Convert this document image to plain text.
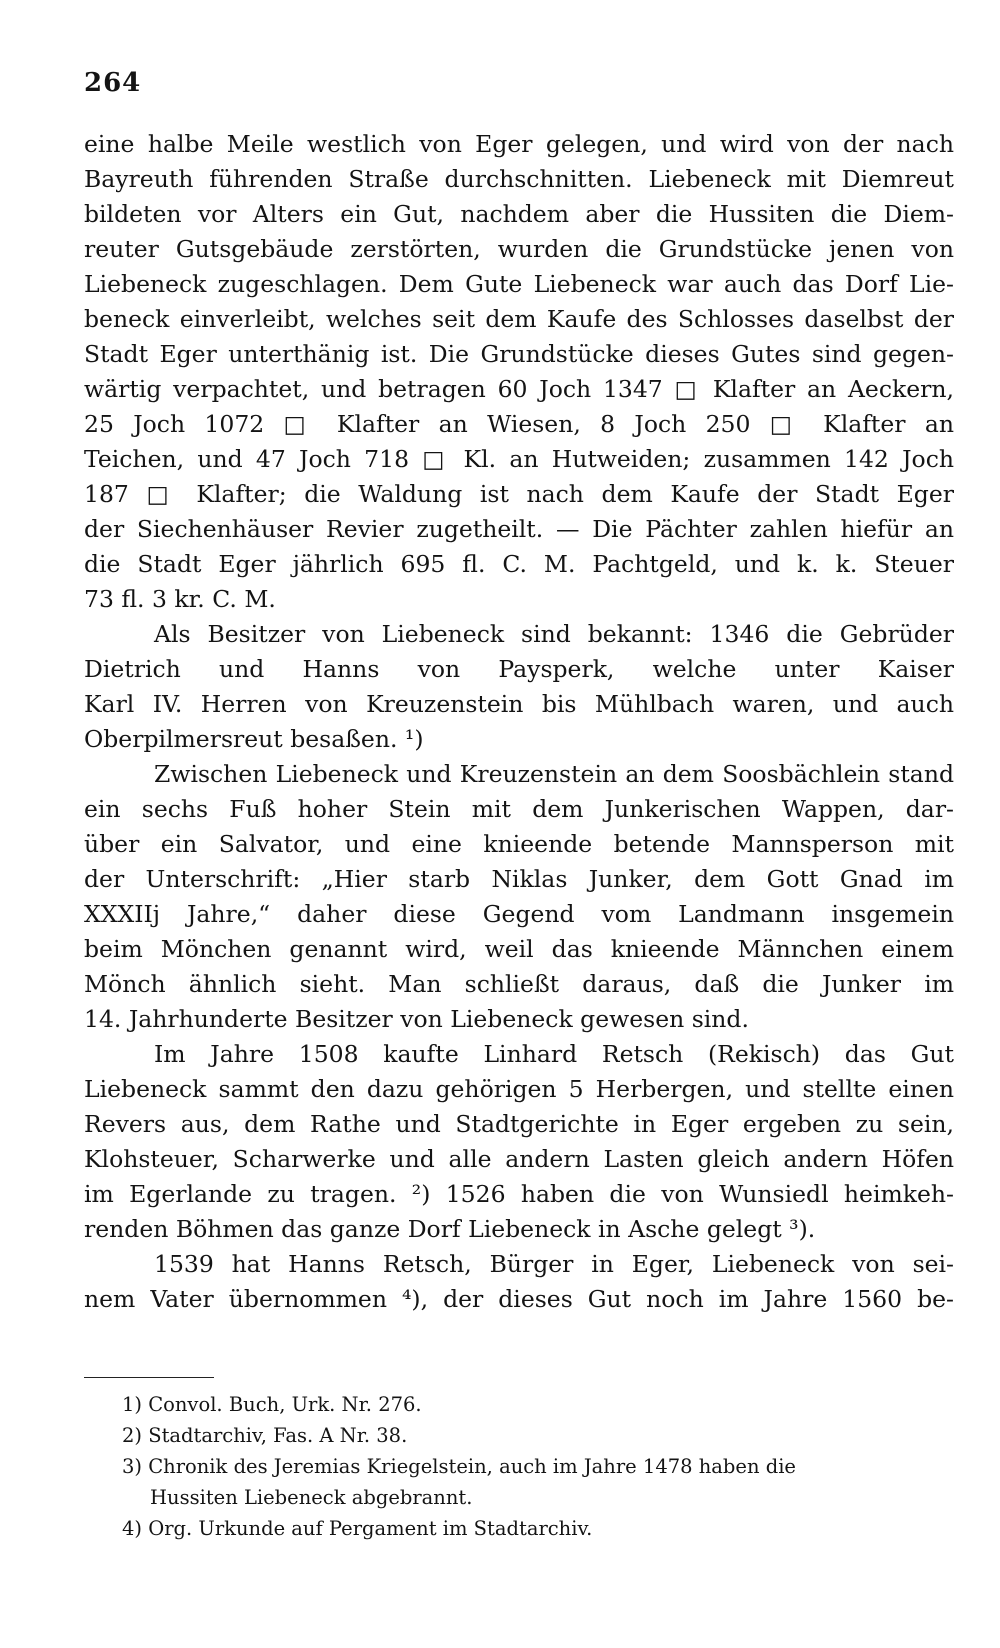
264
eine halbe Meile westlich von Eger gelegen, und wird von der nach
Bayreuth führenden Straße durchschnitten. Liebeneck mit Diemreut
bildeten vor Alters ein Gut, nachdem aber die Hussiten die Diem-
reuter Gutsgebäude zerstörten, wurden die Grundstücke jenen von
Liebeneck zugeschlagen. Dem Gute Liebeneck war auch das Dorf Lie-
beneck einverleibt, welches seit dem Kaufe des Schlosses daselbst der
Stadt Eger unterthänig ist. Die Grundstücke dieses Gutes sind gegen-
wärtig verpachtet, und betragen 60 Joch 1347 □ Klafter an Aeckern,
25 Joch 1072 □ Klafter an Wiesen, 8 Joch 250 □ Klafter an
Teichen, und 47 Joch 718 □ Kl. an Hutweiden; zusammen 142 Joch
187 □ Klafter; die Waldung ist nach dem Kaufe der Stadt Eger
der Siechenhäuser Revier zugetheilt. — Die Pächter zahlen hiefür an
die Stadt Eger jährlich 695 fl. C. M. Pachtgeld, und k. k. Steuer
73 fl. 3 kr. C. M.
Als Besitzer von Liebeneck sind bekannt: 1346 die Gebrüder
Dietrich und Hanns von Paysperk, welche unter Kaiser
Karl IV. Herren von Kreuzenstein bis Mühlbach waren, und auch
Oberpilmersreut besaßen. ¹)
Zwischen Liebeneck und Kreuzenstein an dem Soosbächlein stand
ein sechs Fuß hoher Stein mit dem Junkerischen Wappen, dar-
über ein Salvator, und eine knieende betende Mannsperson mit
der Unterschrift: „Hier starb Niklas Junker, dem Gott Gnad im
XXXIIj Jahre,“ daher diese Gegend vom Landmann insgemein
beim Mönchen genannt wird, weil das knieende Männchen einem
Mönch ähnlich sieht. Man schließt daraus, daß die Junker im
14. Jahrhunderte Besitzer von Liebeneck gewesen sind.
Im Jahre 1508 kaufte Linhard Retsch (Rekisch) das Gut
Liebeneck sammt den dazu gehörigen 5 Herbergen, und stellte einen
Revers aus, dem Rathe und Stadtgerichte in Eger ergeben zu sein,
Klohsteuer, Scharwerke und alle andern Lasten gleich andern Höfen
im Egerlande zu tragen. ²) 1526 haben die von Wunsiedl heimkeh-
renden Böhmen das ganze Dorf Liebeneck in Asche gelegt ³).
1539 hat Hanns Retsch, Bürger in Eger, Liebeneck von sei-
nem Vater übernommen ⁴), der dieses Gut noch im Jahre 1560 be-
1) Convol. Buch, Urk. Nr. 276.
2) Stadtarchiv, Fas. A Nr. 38.
3) Chronik des Jeremias Kriegelstein, auch im Jahre 1478 haben die
Hussiten Liebeneck abgebrannt.
4) Org. Urkunde auf Pergament im Stadtarchiv.
